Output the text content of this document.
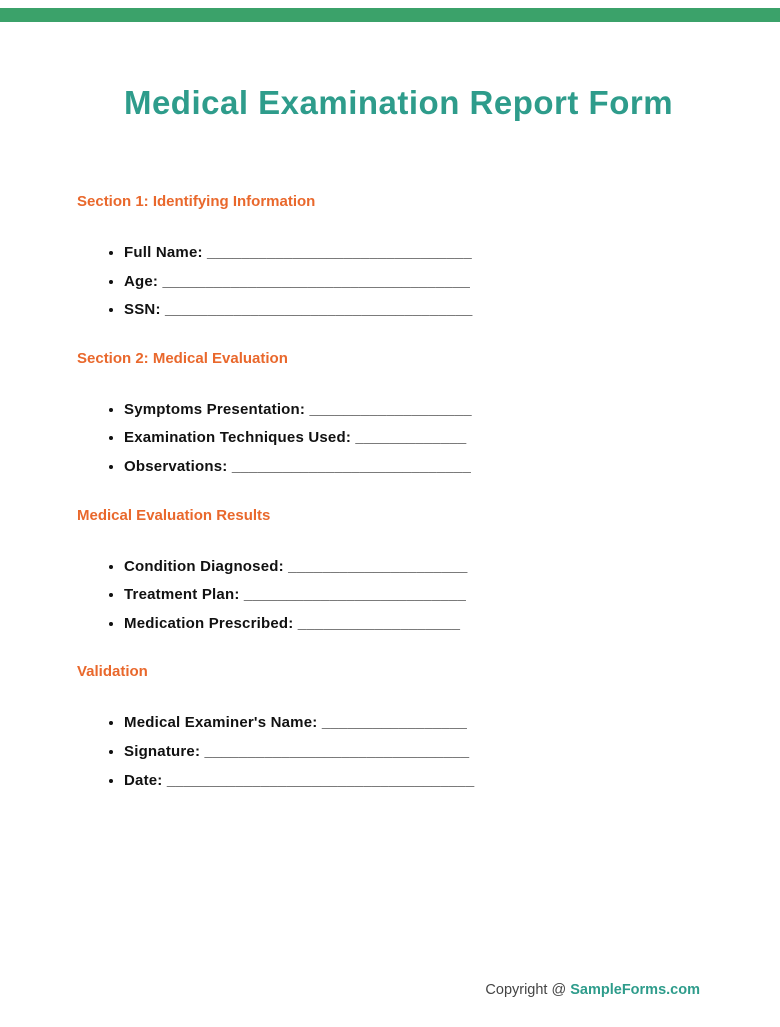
Medical Examination Report Form
Section 1: Identifying Information
• Full Name: _______________________________
• Age: ____________________________________
• SSN: ____________________________________
Section 2: Medical Evaluation
• Symptoms Presentation: ___________________
• Examination Techniques Used: _____________
• Observations: ____________________________
Medical Evaluation Results
• Condition Diagnosed: _____________________
• Treatment Plan: __________________________
• Medication Prescribed: ___________________
Validation
• Medical Examiner's Name: _________________
• Signature: _______________________________
• Date: ____________________________________
Copyright @ SampleForms.com
